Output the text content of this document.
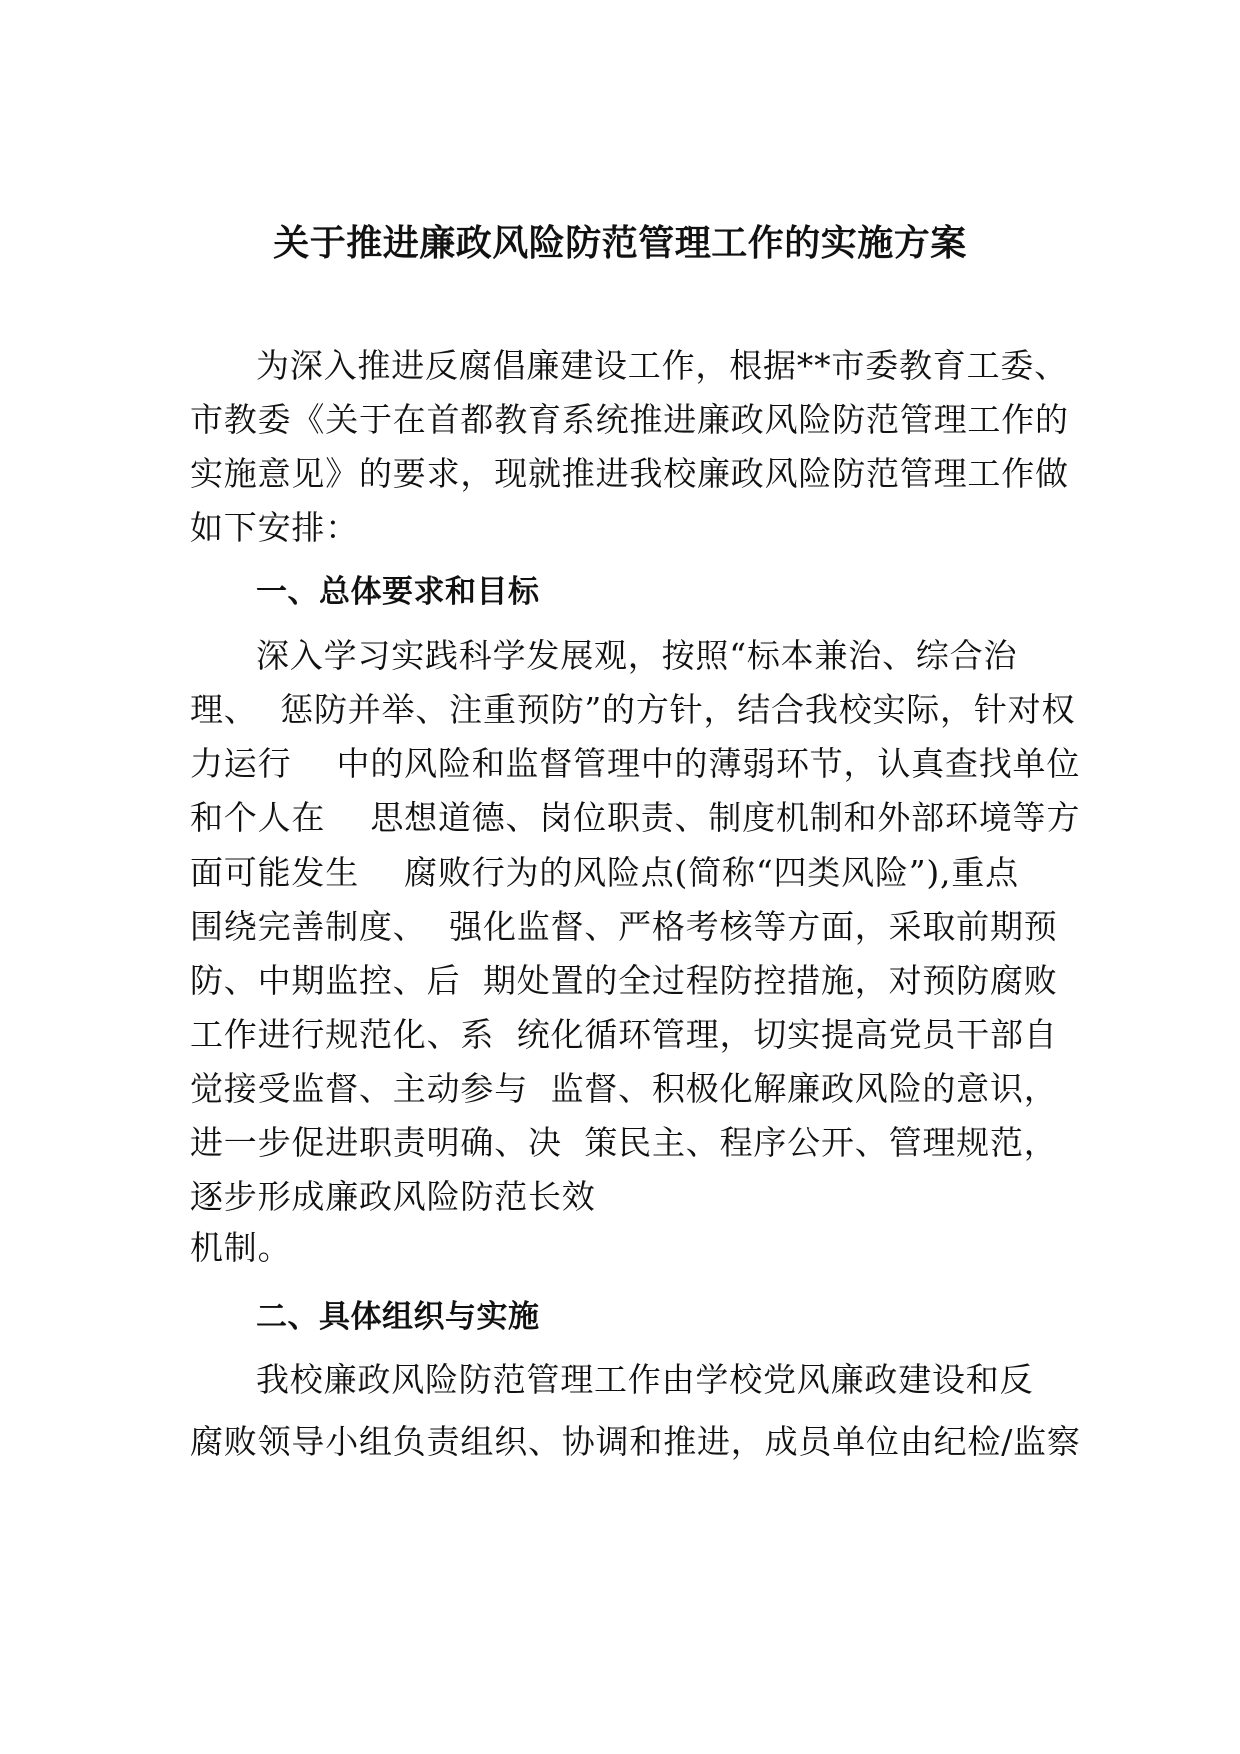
关于推进廉政风险防范管理工作的实施方案
为深入推进反腐倡廉建设工作，根据**市委教育工委、
市教委《关于在首都教育系统推进廉政风险防范管理工作的
实施意见》的要求，现就推进我校廉政风险防范管理工作做
如下安排：
一、总体要求和目标
深入学习实践科学发展观，按照“标本兼治、综合治
理、  惩防并举、注重预防”的方针，结合我校实际，针对权
力运行    中的风险和监督管理中的薄弱环节，认真查找单位
和个人在    思想道德、岗位职责、制度机制和外部环境等方
面可能发生    腐败行为的风险点(简称“四类风险”),重点
围绕完善制度、  强化监督、严格考核等方面，采取前期预
防、中期监控、后  期处置的全过程防控措施，对预防腐败
工作进行规范化、系  统化循环管理，切实提高党员干部自
觉接受监督、主动参与  监督、积极化解廉政风险的意识，
进一步促进职责明确、决  策民主、程序公开、管理规范，
逐步形成廉政风险防范长效
机制。
二、具体组织与实施
我校廉政风险防范管理工作由学校党风廉政建设和反
腐败领导小组负责组织、协调和推进，成员单位由纪检/监察
